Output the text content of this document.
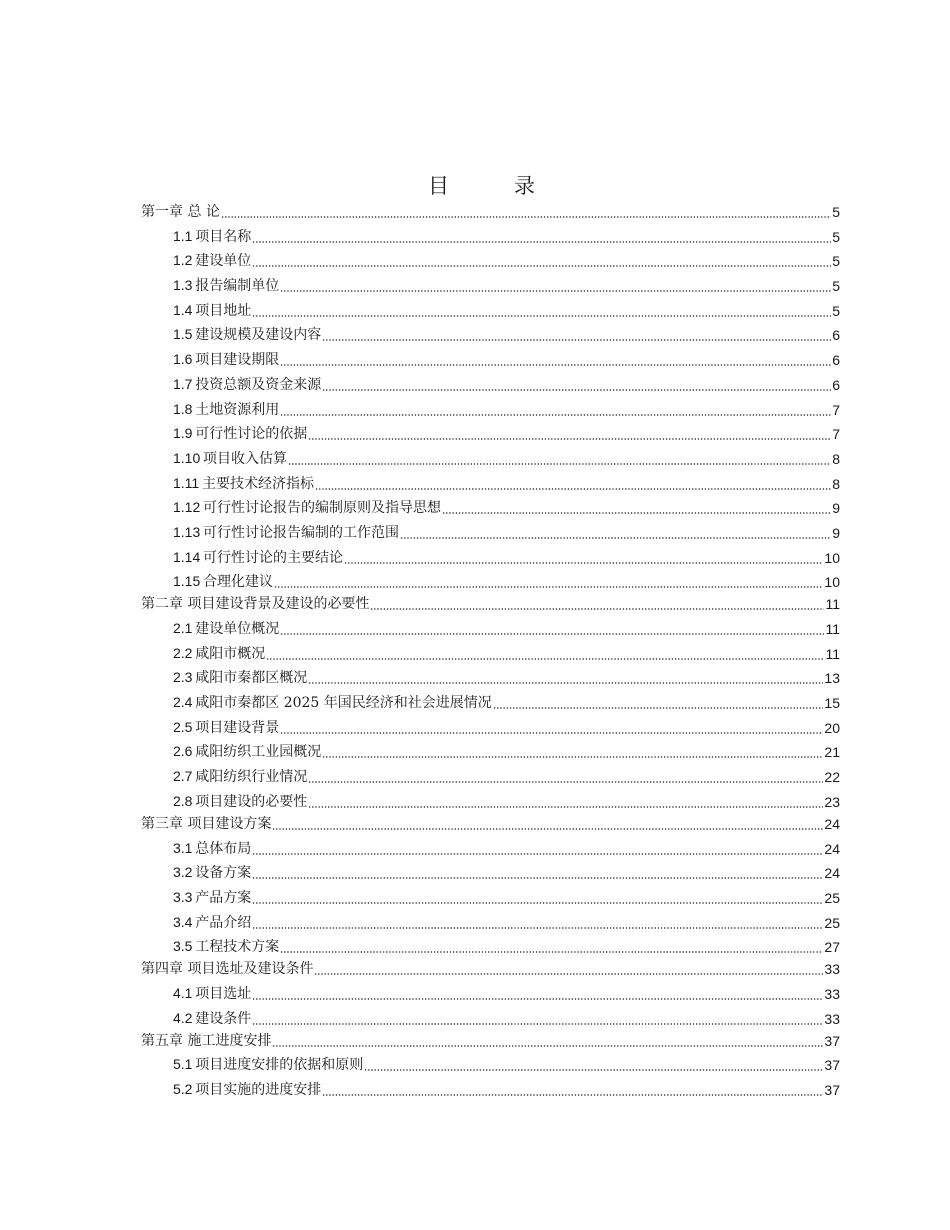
目　录
第一章 总 论	5
1.1  项目名称	5
1.2  建设单位	5
1.3  报告编制单位	5
1.4  项目地址	5
1.5  建设规模及建设内容	6
1.6  项目建设期限	6
1.7  投资总额及资金来源	6
1.8  土地资源利用	7
1.9  可行性讨论的依据	7
1.10  项目收入估算	8
1.11  主要技术经济指标	8
1.12  可行性讨论报告的编制原则及指导思想	9
1.13  可行性讨论报告编制的工作范围	9
1.14  可行性讨论的主要结论	10
1.15  合理化建议	10
第二章 项目建设背景及建设的必要性	11
2.1  建设单位概况	11
2.2  咸阳市概况	11
2.3  咸阳市秦都区概况	13
2.4  咸阳市秦都区 2025 年国民经济和社会进展情况	15
2.5  项目建设背景	20
2.6  咸阳纺织工业园概况	21
2.7  咸阳纺织行业情况	22
2.8  项目建设的必要性	23
第三章 项目建设方案	24
3.1  总体布局	24
3.2  设备方案	24
3.3  产品方案	25
3.4  产品介绍	25
3.5  工程技术方案	27
第四章 项目选址及建设条件	33
4.1  项目选址	33
4.2  建设条件	33
第五章 施工进度安排	37
5.1  项目进度安排的依据和原则	37
5.2  项目实施的进度安排	37
